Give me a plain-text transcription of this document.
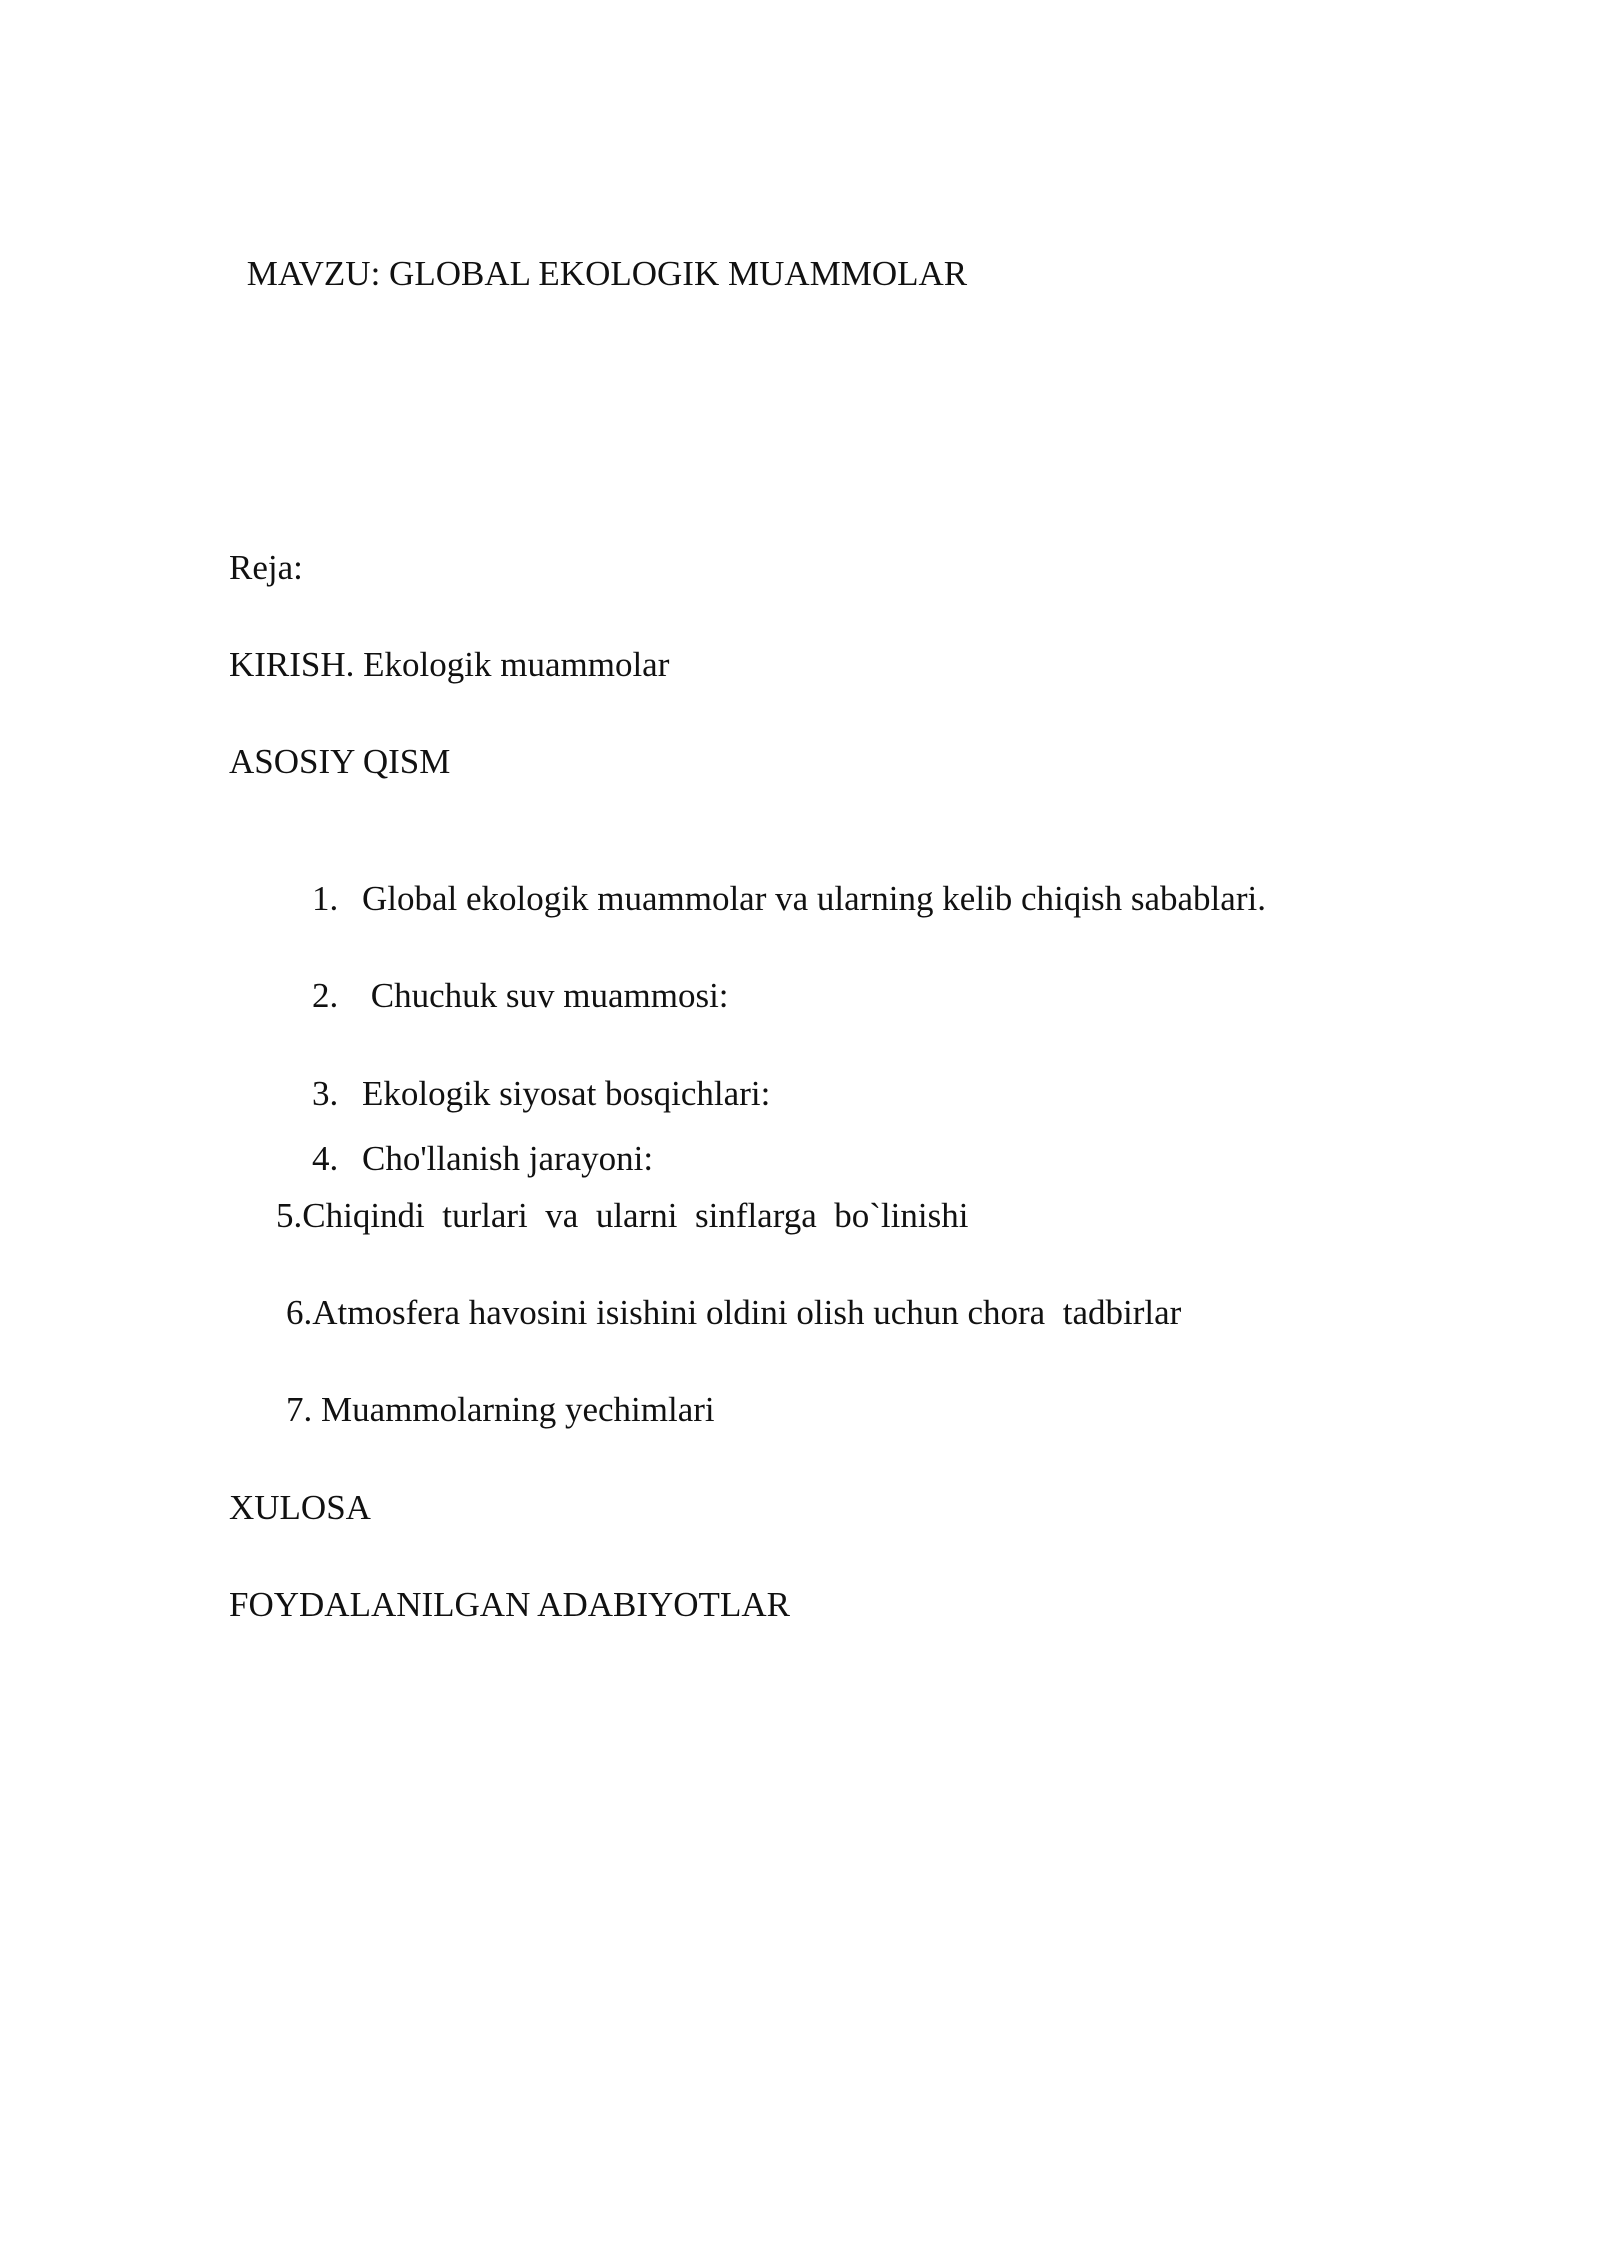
MAVZU: GLOBAL EKOLOGIK MUAMMOLAR
Reja:
KIRISH. Ekologik muammolar
ASOSIY QISM

1. Global ekologik muammolar va ularning kelib chiqish sabablari.

2. Chuchuk suv muammosi:

3. Ekologik siyosat bosqichlari:

4. Cho'llanish jarayoni:

5.Chiqindi  turlari  va  ularni  sinflarga  bo`linishi
6.Atmosfera havosini isishini oldini olish uchun chora  tadbirlar
7. Muammolarning yechimlari
XULOSA
FOYDALANILGAN ADABIYOTLAR
